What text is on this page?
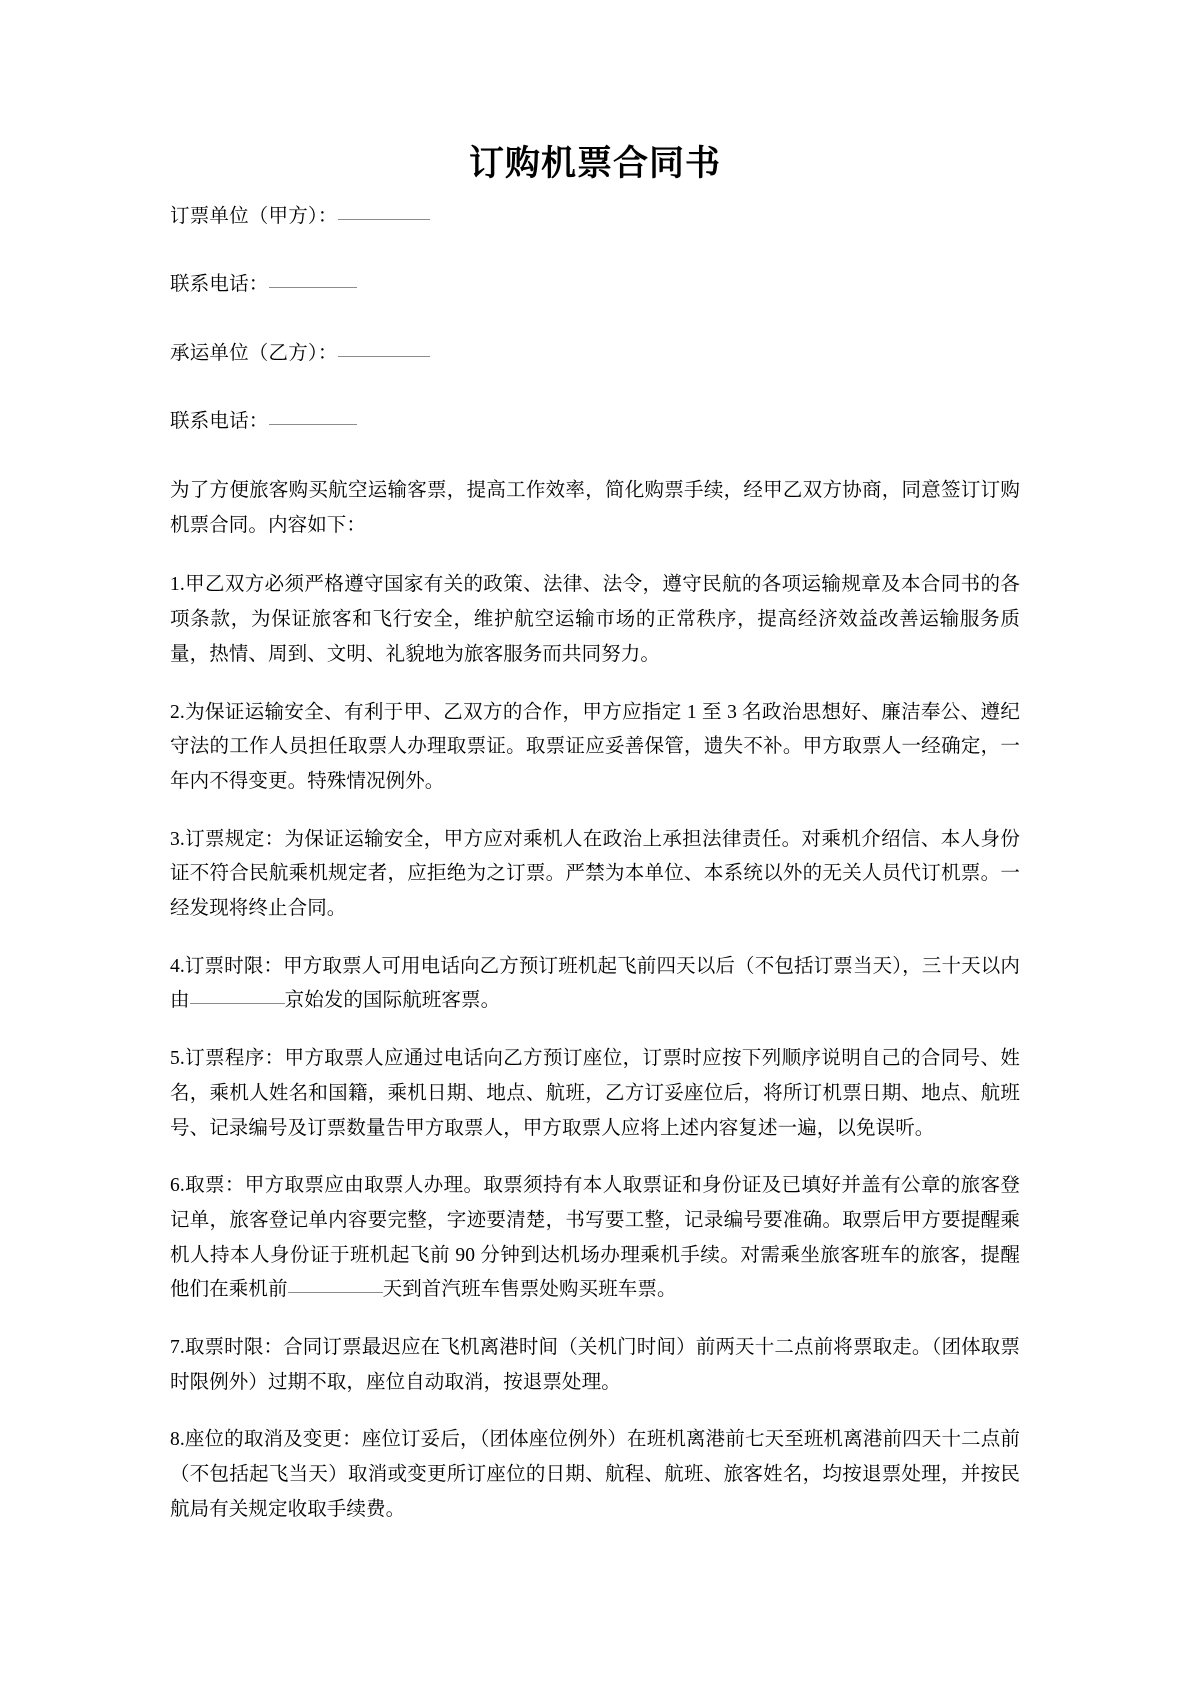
订购机票合同书
订票单位（甲方）：
联系电话：
承运单位（乙方）：
联系电话：

为了方便旅客购买航空运输客票，提高工作效率，简化购票手续，经甲乙双方协商，同意签订订购机票合同。内容如下：

1.甲乙双方必须严格遵守国家有关的政策、法律、法令，遵守民航的各项运输规章及本合同书的各项条款，为保证旅客和飞行安全，维护航空运输市场的正常秩序，提高经济效益改善运输服务质量，热情、周到、文明、礼貌地为旅客服务而共同努力。

2.为保证运输安全、有利于甲、乙双方的合作，甲方应指定 1 至 3 名政治思想好、廉洁奉公、遵纪守法的工作人员担任取票人办理取票证。取票证应妥善保管，遗失不补。甲方取票人一经确定，一年内不得变更。特殊情况例外。

3.订票规定：为保证运输安全，甲方应对乘机人在政治上承担法律责任。对乘机介绍信、本人身份证不符合民航乘机规定者，应拒绝为之订票。严禁为本单位、本系统以外的无关人员代订机票。一经发现将终止合同。

4.订票时限：甲方取票人可用电话向乙方预订班机起飞前四天以后（不包括订票当天），三十天以内由	京始发的国际航班客票。

5.订票程序：甲方取票人应通过电话向乙方预订座位，订票时应按下列顺序说明自己的合同号、姓名，乘机人姓名和国籍，乘机日期、地点、航班，乙方订妥座位后，将所订机票日期、地点、航班号、记录编号及订票数量告甲方取票人，甲方取票人应将上述内容复述一遍，以免误听。

6.取票：甲方取票应由取票人办理。取票须持有本人取票证和身份证及已填好并盖有公章的旅客登记单，旅客登记单内容要完整，字迹要清楚，书写要工整，记录编号要准确。取票后甲方要提醒乘机人持本人身份证于班机起飞前 90 分钟到达机场办理乘机手续。对需乘坐旅客班车的旅客，提醒他们在乘机前	天到首汽班车售票处购买班车票。

7.取票时限：合同订票最迟应在飞机离港时间（关机门时间）前两天十二点前将票取走。（团体取票时限例外）过期不取，座位自动取消，按退票处理。

8.座位的取消及变更：座位订妥后，（团体座位例外）在班机离港前七天至班机离港前四天十二点前（不包括起飞当天）取消或变更所订座位的日期、航程、航班、旅客姓名，均按退票处理，并按民航局有关规定收取手续费。
